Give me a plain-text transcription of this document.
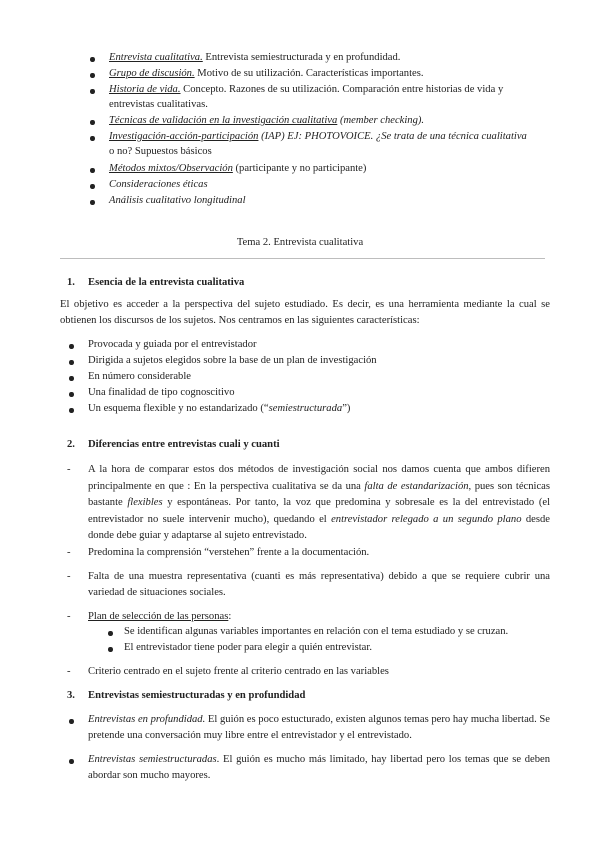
Entrevista cualitativa. Entrevista semiestructurada y en profundidad.

Grupo de discusión. Motivo de su utilización. Características importantes.

Historia de vida. Concepto. Razones de su utilización. Comparación entre historias de vida y

entrevistas cualitativas.

Técnicas de validación en la investigación cualitativa (member checking).

Investigación-acción-participación (IAP) EJ: PHOTOVOICE. ¿Se trata de una técnica cualitativa

o no? Supuestos básicos

Métodos mixtos/Observación (participante y no participante)

Consideraciones éticas

Análisis cualitativo longitudinal

Tema 2. Entrevista cualitativa

1. Esencia de la entrevista cualitativa

El objetivo es acceder a la perspectiva del sujeto estudiado. Es decir, es una herramienta mediante la cual se obtienen los discursos de los sujetos. Nos centramos en las siguientes características:

Provocada y guiada por el entrevistador

Dirigida a sujetos elegidos sobre la base de un plan de investigación

En número considerable

Una finalidad de tipo cognoscitivo

Un esquema flexible y no estandarizado (“semiestructurada”)

2. Diferencias entre entrevistas cuali y cuanti

- A la hora de comparar estos dos métodos de investigación social nos damos cuenta que ambos difieren principalmente en que : En la perspectiva cualitativa se da una falta de estandarización, pues son técnicas bastante flexibles y espontáneas. Por tanto, la voz que predomina y sobresale es la del entrevistado (el entrevistador no suele intervenir mucho), quedando el entrevistador relegado a un segundo plano desde donde debe guiar y adaptarse al sujeto entrevistado.

- Predomina la comprensión “verstehen” frente a la documentación.

- Falta de una muestra representativa (cuanti es más representativa) debido a que se requiere cubrir una variedad de situaciones sociales.

- Plan de selección de las personas:

Se identifican algunas variables importantes en relación con el tema estudiado y se cruzan.

El entrevistador tiene poder para elegir a quién entrevistar.

- Criterio centrado en el sujeto frente al criterio centrado en las variables

3. Entrevistas semiestructuradas y en profundidad

Entrevistas en profundidad. El guión es poco estucturado, existen algunos temas pero hay mucha libertad. Se pretende una conversación muy libre entre el entrevistador y el entrevistado.

Entrevistas semiestructuradas. El guión es mucho más limitado, hay libertad pero los temas que se deben abordar son mucho mayores.
